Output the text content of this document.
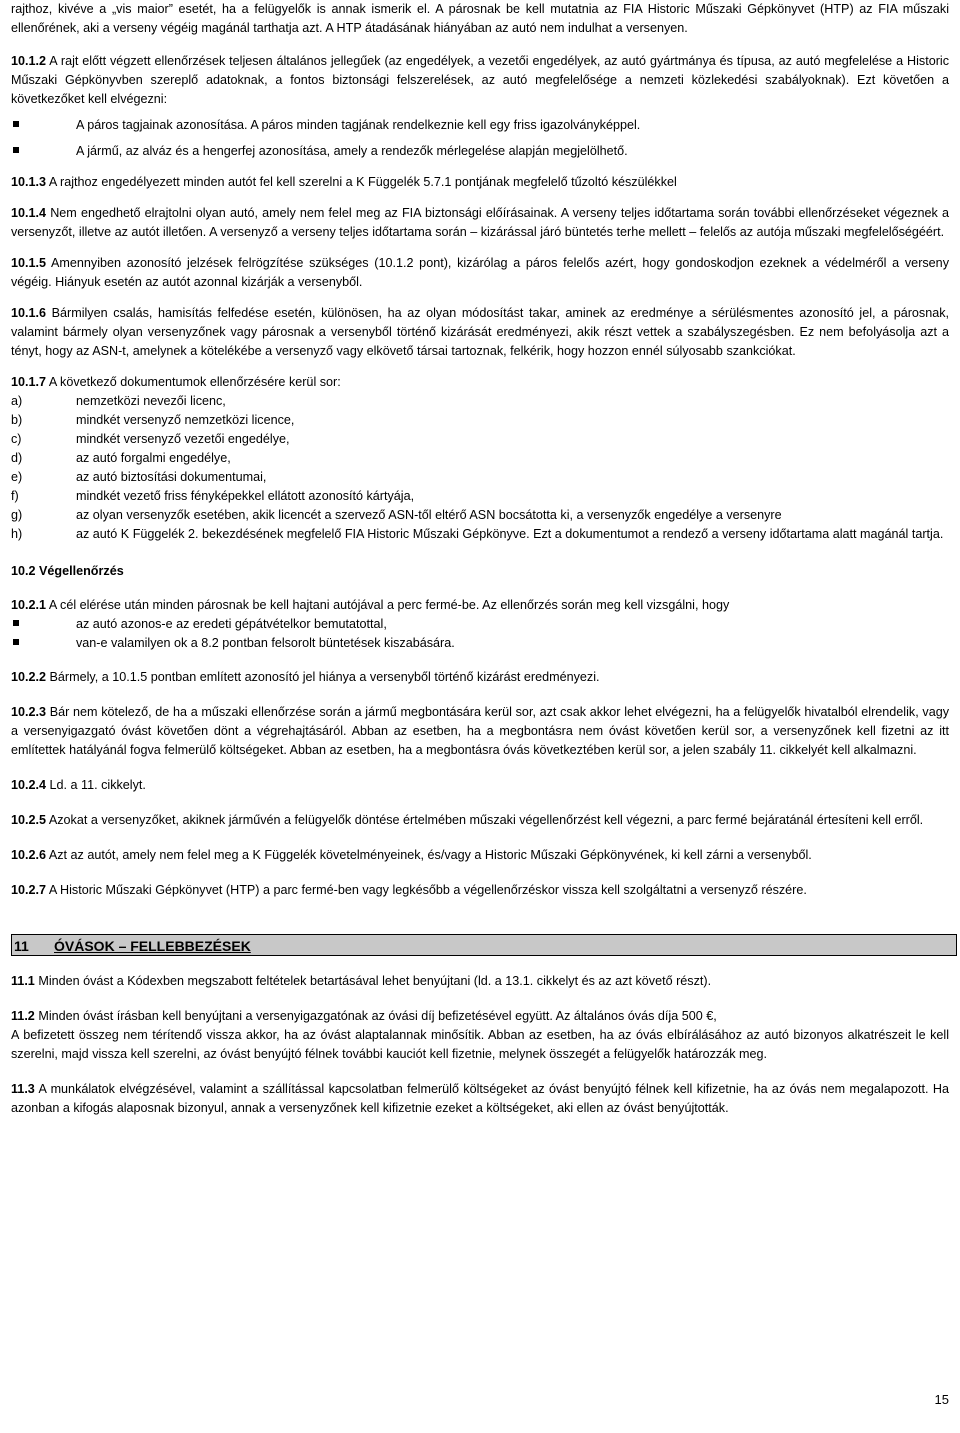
rajthoz, kivéve a „vis maior” esetét, ha a felügyelők is annak ismerik el. A párosnak be kell mutatnia az FIA Historic Műszaki Gépkönyvet (HTP) az FIA műszaki ellenőrének, aki a verseny végéig magánál tarthatja azt. A HTP átadásának hiányában az autó nem indulhat a versenyen.

10.1.2 A rajt előtt végzett ellenőrzések teljesen általános jellegűek (az engedélyek, a vezetői engedélyek, az autó gyártmánya és típusa, az autó megfelelése a Historic Műszaki Gépkönyvben szereplő adatoknak, a fontos biztonsági felszerelések, az autó megfelelősége a nemzeti közlekedési szabályoknak). Ezt követően a következőket kell elvégezni:

A páros tagjainak azonosítása. A páros minden tagjának rendelkeznie kell egy friss igazolványképpel.
A jármű, az alváz és a hengerfej azonosítása, amely a rendezők mérlegelése alapján megjelölhető.

10.1.3 A rajthoz engedélyezett minden autót fel kell szerelni a K Függelék 5.7.1 pontjának megfelelő tűzoltó készülékkel

10.1.4 Nem engedhető elrajtolni olyan autó, amely nem felel meg az FIA biztonsági előírásainak. A verseny teljes időtartama során további ellenőrzéseket végeznek a versenyzőt, illetve az autót illetően. A versenyző a verseny teljes időtartama során – kizárással járó büntetés terhe mellett – felelős az autója műszaki megfelelőségéért.

10.1.5 Amennyiben azonosító jelzések felrögzítése szükséges (10.1.2 pont), kizárólag a páros felelős azért, hogy gondoskodjon ezeknek a védelméről a verseny végéig. Hiányuk esetén az autót azonnal kizárják a versenyből.

10.1.6 Bármilyen csalás, hamisítás felfedése esetén, különösen, ha az olyan módosítást takar, aminek az eredménye a sérülésmentes azonosító jel, a párosnak, valamint bármely olyan versenyzőnek vagy párosnak a versenyből történő kizárását eredményezi, akik részt vettek a szabályszegésben. Ez nem befolyásolja azt a tényt, hogy az ASN-t, amelynek a kötelékébe a versenyző vagy elkövető társai tartoznak, felkérik, hogy hozzon ennél súlyosabb szankciókat.

10.1.7 A következő dokumentumok ellenőrzésére kerül sor:

a)	nemzetközi nevezői licenc,
b)	mindkét versenyző nemzetközi licence,
c)	mindkét versenyző vezetői engedélye,
d)	az autó forgalmi engedélye,
e)	az autó biztosítási dokumentumai,
f)	mindkét vezető friss fényképekkel ellátott azonosító kártyája,
g)	az olyan versenyzők esetében, akik licencét a szervező ASN-től eltérő ASN bocsátotta ki, a versenyzők engedélye a versenyre
h)	az autó K Függelék 2. bekezdésének megfelelő FIA Historic Műszaki Gépkönyve. Ezt a dokumentumot a rendező a verseny időtartama alatt magánál tartja.

10.2 Végellenőrzés

10.2.1 A cél elérése után minden párosnak be kell hajtani autójával a perc fermé-be. Az ellenőrzés során meg kell vizsgálni, hogy

az autó azonos-e az eredeti gépátvételkor bemutatottal,
van-e valamilyen ok a 8.2 pontban felsorolt büntetések kiszabására.

10.2.2 Bármely, a 10.1.5 pontban említett azonosító jel hiánya a versenyből történő kizárást eredményezi.

10.2.3 Bár nem kötelező, de ha a műszaki ellenőrzése során a jármű megbontására kerül sor, azt csak akkor lehet elvégezni, ha a felügyelők hivatalból elrendelik, vagy a versenyigazgató óvást követően dönt a végrehajtásáról. Abban az esetben, ha a megbontásra nem óvást követően kerül sor, a versenyzőnek kell fizetni az itt említettek hatályánál fogva felmerülő költségeket. Abban az esetben, ha a megbontásra óvás következtében kerül sor, a jelen szabály 11. cikkelyét kell alkalmazni.

10.2.4 Ld. a 11. cikkelyt.

10.2.5 Azokat a versenyzőket, akiknek járművén a felügyelők döntése értelmében műszaki végellenőrzést kell végezni, a parc fermé bejáratánál értesíteni kell erről.

10.2.6 Azt az autót, amely nem felel meg a K Függelék követelményeinek, és/vagy a Historic Műszaki Gépkönyvének, ki kell zárni a versenyből.

10.2.7 A Historic Műszaki Gépkönyvet (HTP) a parc fermé-ben vagy legkésőbb a végellenőrzéskor vissza kell szolgáltatni a versenyző részére.

11 ÓVÁSOK – FELLEBBEZÉSEK

11.1 Minden óvást a Kódexben megszabott feltételek betartásával lehet benyújtani (ld. a 13.1. cikkelyt és az azt követő részt).

11.2 Minden óvást írásban kell benyújtani a versenyigazgatónak az óvási díj befizetésével együtt. Az általános óvás díja 500 €,

A befizetett összeg nem térítendő vissza akkor, ha az óvást alaptalannak minősítik. Abban az esetben, ha az óvás elbírálásához az autó bizonyos alkatrészeit le kell szerelni, majd vissza kell szerelni, az óvást benyújtó félnek további kauciót kell fizetnie, melynek összegét a felügyelők határozzák meg.

11.3 A munkálatok elvégzésével, valamint a szállítással kapcsolatban felmerülő költségeket az óvást benyújtó félnek kell kifizetnie, ha az óvás nem megalapozott. Ha azonban a kifogás alaposnak bizonyul, annak a versenyzőnek kell kifizetnie ezeket a költségeket, aki ellen az óvást benyújtották.

15
